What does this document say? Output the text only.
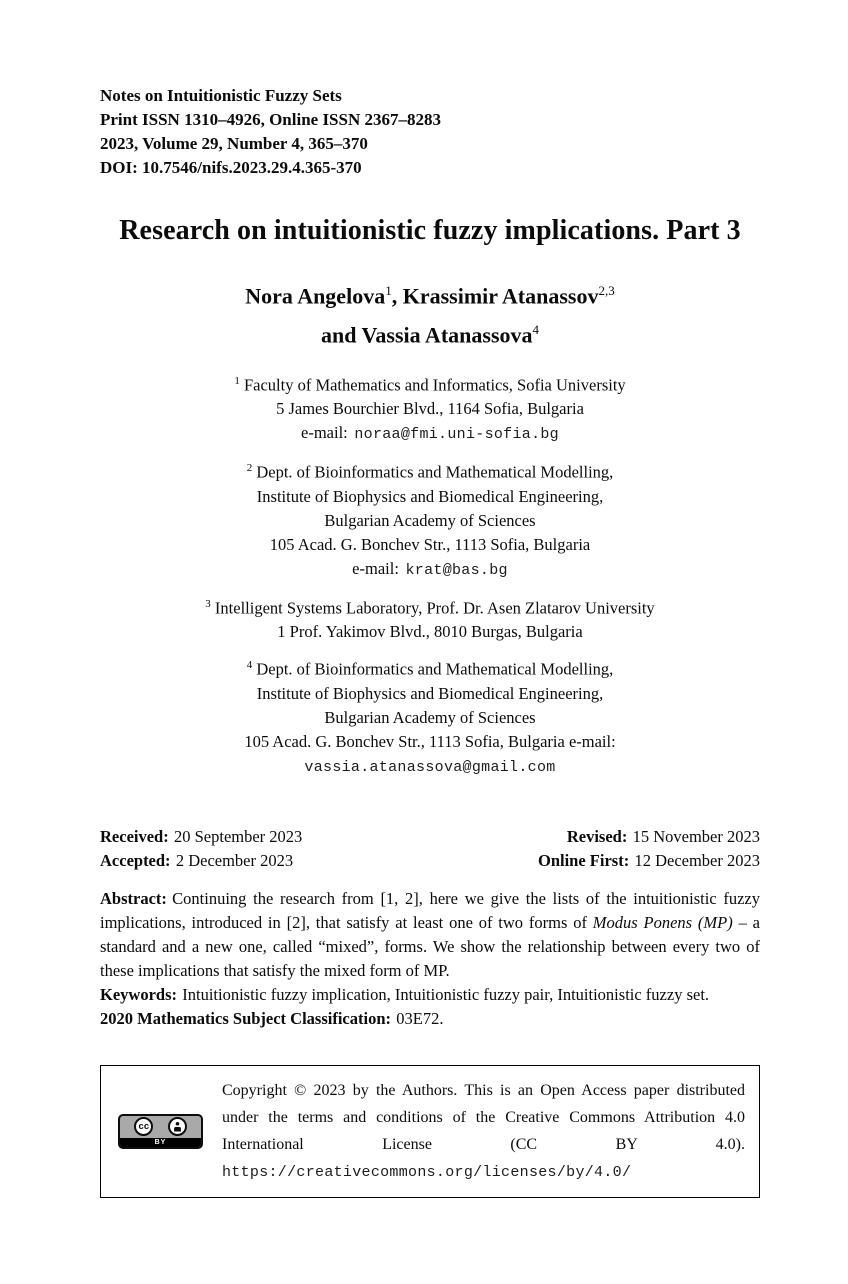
Notes on Intuitionistic Fuzzy Sets
Print ISSN 1310–4926, Online ISSN 2367–8283
2023, Volume 29, Number 4, 365–370
DOI: 10.7546/nifs.2023.29.4.365-370
Research on intuitionistic fuzzy implications. Part 3
Nora Angelova$^1$, Krassimir Atanassov$^{2,3}$
and Vassia Atanassova$^4$
$^1$ Faculty of Mathematics and Informatics, Sofia University
5 James Bourchier Blvd., 1164 Sofia, Bulgaria
e-mail: noraa@fmi.uni-sofia.bg
$^2$ Dept. of Bioinformatics and Mathematical Modelling,
Institute of Biophysics and Biomedical Engineering,
Bulgarian Academy of Sciences
105 Acad. G. Bonchev Str., 1113 Sofia, Bulgaria
e-mail: krat@bas.bg
$^3$ Intelligent Systems Laboratory, Prof. Dr. Asen Zlatarov University
1 Prof. Yakimov Blvd., 8010 Burgas, Bulgaria
$^4$ Dept. of Bioinformatics and Mathematical Modelling,
Institute of Biophysics and Biomedical Engineering,
Bulgarian Academy of Sciences
105 Acad. G. Bonchev Str., 1113 Sofia, Bulgaria e-mail:
vassia.atanassova@gmail.com
Received: 20 September 2023	Revised: 15 November 2023
Accepted: 2 December 2023	Online First: 12 December 2023

Abstract: Continuing the research from [1, 2], here we give the lists of the intuitionistic fuzzy implications, introduced in [2], that satisfy at least one of two forms of Modus Ponens (MP) – a standard and a new one, called “mixed”, forms. We show the relationship between every two of these implications that satisfy the mixed form of MP.

Keywords: Intuitionistic fuzzy implication, Intuitionistic fuzzy pair, Intuitionistic fuzzy set.

2020 Mathematics Subject Classification: 03E72.

cc
BY
Copyright © 2023 by the Authors. This is an Open Access paper distributed under the terms and conditions of the Creative Commons Attribution 4.0 International License (CC BY 4.0). https://creativecommons.org/licenses/by/4.0/
